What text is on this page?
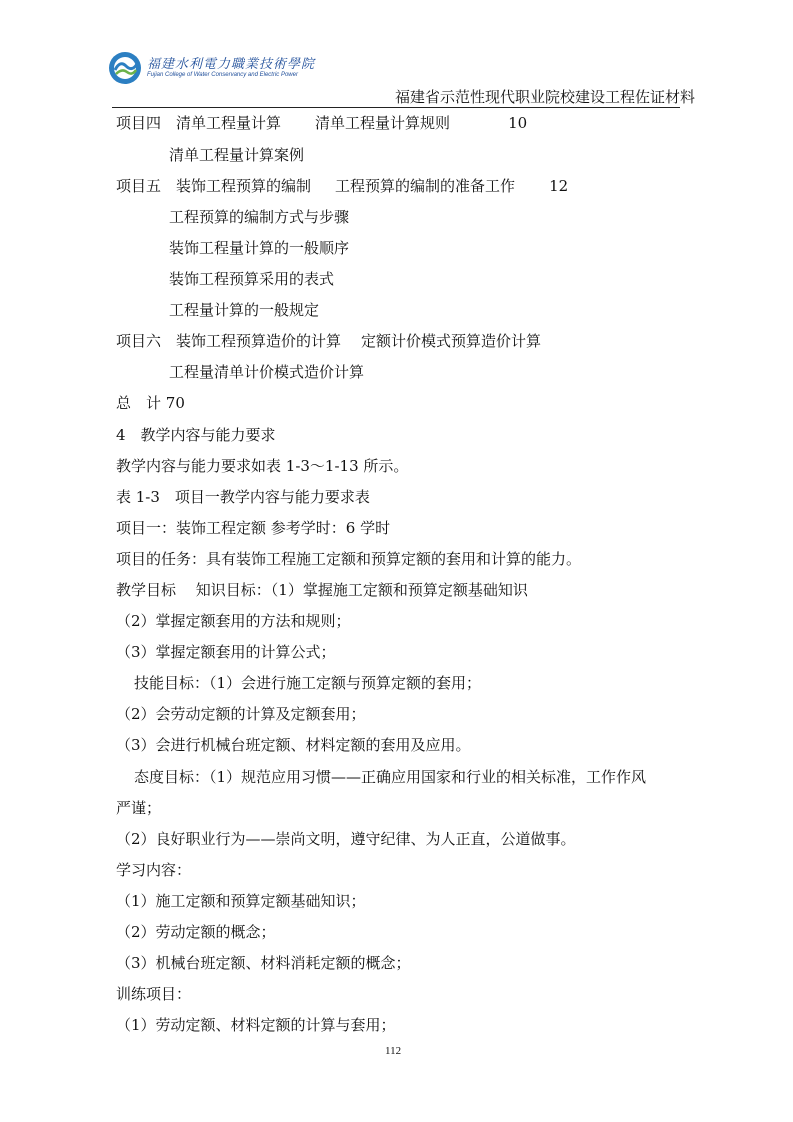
福建水利電力職業技術學院
Fujian College of Water Conservancy and Electric Power
福建省示范性现代职业院校建设工程佐证材料
项目四　 清单工程量计算 清单工程量计算规则	10
清单工程量计算案例
项目五　 装饰工程预算的编制 工程预算的编制的准备工作 12
工程预算的编制方式与步骤
装饰工程量计算的一般顺序
装饰工程预算采用的表式
工程量计算的一般规定
项目六　 装饰工程预算造价的计算 定额计价模式预算造价计算
工程量清单计价模式造价计算
总　计 70
4　教学内容与能力要求
教学内容与能力要求如表 1-3～1-13 所示。
表 1-3　项目一教学内容与能力要求表
项目一：装饰工程定额 参考学时：6 学时
项目的任务：具有装饰工程施工定额和预算定额的套用和计算的能力。
教学目标　 知识目标：（1）掌握施工定额和预算定额基础知识
（2）掌握定额套用的方法和规则；
（3）掌握定额套用的计算公式；
技能目标：（1）会进行施工定额与预算定额的套用；
（2）会劳动定额的计算及定额套用；
（3）会进行机械台班定额、材料定额的套用及应用。
态度目标：（1）规范应用习惯——正确应用国家和行业的相关标准，工作作风
严谨；
（2）良好职业行为——崇尚文明，遵守纪律、为人正直，公道做事。
学习内容：
（1）施工定额和预算定额基础知识；
（2）劳动定额的概念；
（3）机械台班定额、材料消耗定额的概念；
训练项目：
（1）劳动定额、材料定额的计算与套用；
112
